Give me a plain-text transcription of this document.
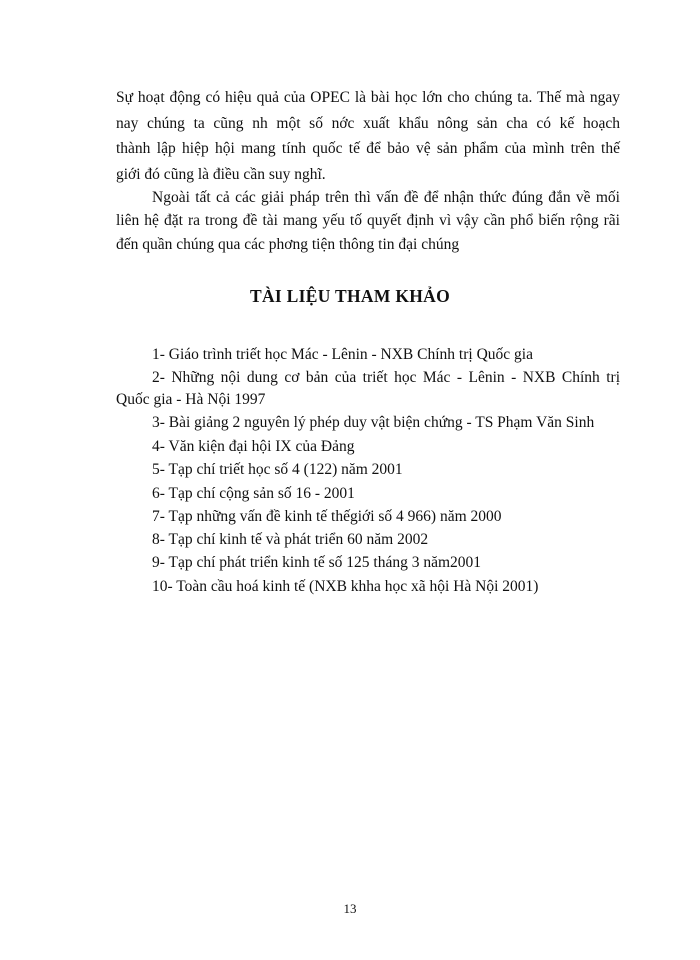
Sự hoạt động có hiệu quả của OPEC là bài học lớn cho chúng ta. Thế mà ngay
nay chúng ta cũng nh một số nớc xuất khẩu nông sản cha có kế hoạch
thành lập hiệp hội mang tính quốc tế để bảo vệ sản phẩm của mình trên thế
giới đó cũng là điều cần suy nghĩ.
Ngoài tất cả các giải pháp trên thì vấn đề để nhận thức đúng đắn về mối
liên hệ đặt ra trong đề tài mang yếu tố quyết định vì vậy cần phổ biến rộng rãi
đến quần chúng qua các phơng tiện thông tin đại chúng
TÀI LIỆU THAM KHẢO
1- Giáo trình triết học Mác - Lênin - NXB Chính trị Quốc gia
2- Những nội dung cơ bản của triết học Mác - Lênin - NXB Chính trị
Quốc gia - Hà Nội 1997
3- Bài giảng 2 nguyên lý phép duy vật biện chứng - TS Phạm Văn Sinh
4- Văn kiện đại hội IX của Đảng
5- Tạp chí triết học số 4 (122) năm 2001
6- Tạp chí cộng sản số 16 - 2001
7- Tạp những vấn đề kinh tế thếgiới số 4 966) năm 2000
8- Tạp chí kinh tế và phát triển 60 năm 2002
9- Tạp chí phát triển kinh tế số 125 tháng 3 năm2001
10- Toàn cầu hoá kinh tế (NXB khha học xã hội Hà Nội 2001)
13
